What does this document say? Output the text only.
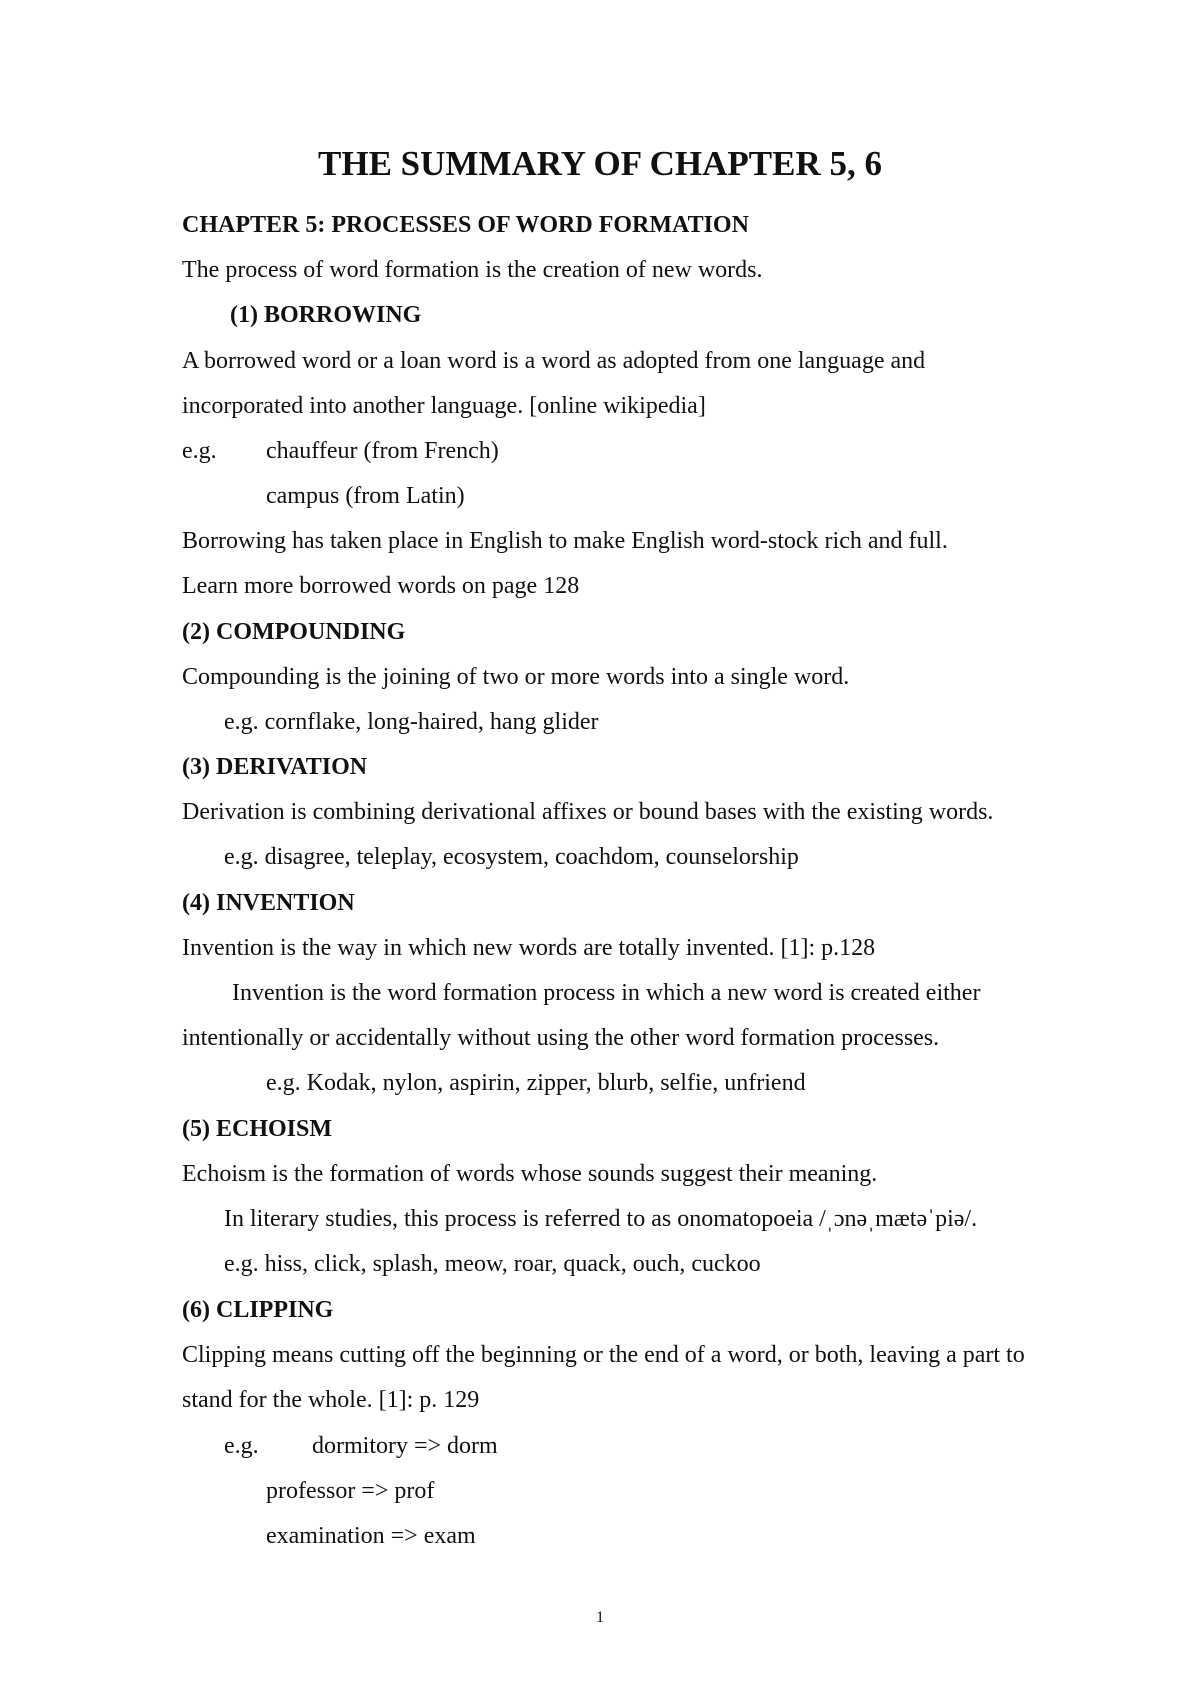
THE SUMMARY OF CHAPTER 5, 6
CHAPTER 5: PROCESSES OF WORD FORMATION
The process of word formation is the creation of new words.
(1) BORROWING
A borrowed word or a loan word is a word as adopted from one language and
incorporated into another language. [online wikipedia]
e.g. chauffeur (from French)
campus (from Latin)
Borrowing has taken place in English to make English word-stock rich and full.
Learn more borrowed words on page 128
(2) COMPOUNDING
Compounding is the joining of two or more words into a single word.
e.g. cornflake, long-haired, hang glider
(3) DERIVATION
Derivation is combining derivational affixes or bound bases with the existing words.
e.g. disagree, teleplay, ecosystem, coachdom, counselorship
(4) INVENTION
Invention is the way in which new words are totally invented. [1]: p.128
Invention is the word formation process in which a new word is created either
intentionally or accidentally without using the other word formation processes.
e.g. Kodak, nylon, aspirin, zipper, blurb, selfie, unfriend
(5) ECHOISM
Echoism is the formation of words whose sounds suggest their meaning.
In literary studies, this process is referred to as onomatopoeia /ˌɔnəˌmætəˈpiə/.
e.g. hiss, click, splash, meow, roar, quack, ouch, cuckoo
(6) CLIPPING
Clipping means cutting off the beginning or the end of a word, or both, leaving a part to
stand for the whole. [1]: p. 129
e.g. dormitory => dorm
professor => prof
examination => exam
1
